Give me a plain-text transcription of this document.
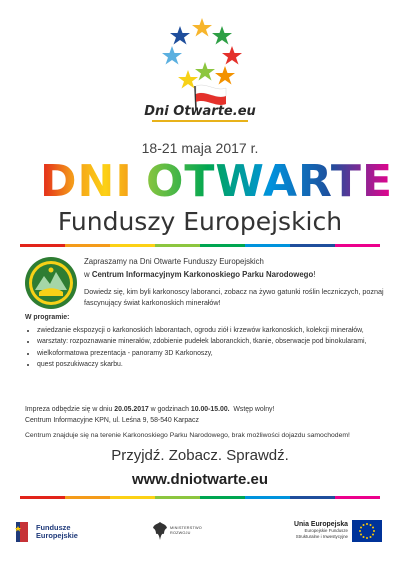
Dni Otwarte.eu
18-21 maja 2017 r.
DNI
OTWARTE
Funduszy Europejskich

Zapraszamy na Dni Otwarte Funduszy Europejskich

w Centrum Informacyjnym Karkonoskiego Parku Narodowego!

Dowiedz się, kim byli karkonoscy laboranci, zobacz na żywo gatunki roślin leczniczych, poznaj fascynujący świat karkonoskich minerałów!

W programie:
• zwiedzanie ekspozycji o karkonoskich laborantach, ogrodu ziół i krzewów karkonoskich, kolekcji minerałów,
• warsztaty: rozpoznawanie minerałów, zdobienie pudełek laboranckich, tkanie, obserwacje pod binokularami,
• wielkoformatowa prezentacja - panoramy 3D Karkonoszy,
• quest poszukiwaczy skarbu.
Impreza odbędzie się w dniu 20.05.2017 w godzinach 10.00-15.00.  Wstęp wolny!
Centrum Informacyjne KPN, ul. Leśna 9, 58-540 Karpacz
Centrum znajduje się na terenie Karkonoskiego Parku Narodowego, brak możliwości dojazdu samochodem!
Przyjdź. Zobacz. Sprawdź.
www.dniotwarte.eu
Fundusze
Europejskie
MINISTERSTWO
ROZWOJU
Unia Europejska
Europejskie Fundusze
Strukturalne i Inwestycyjne
